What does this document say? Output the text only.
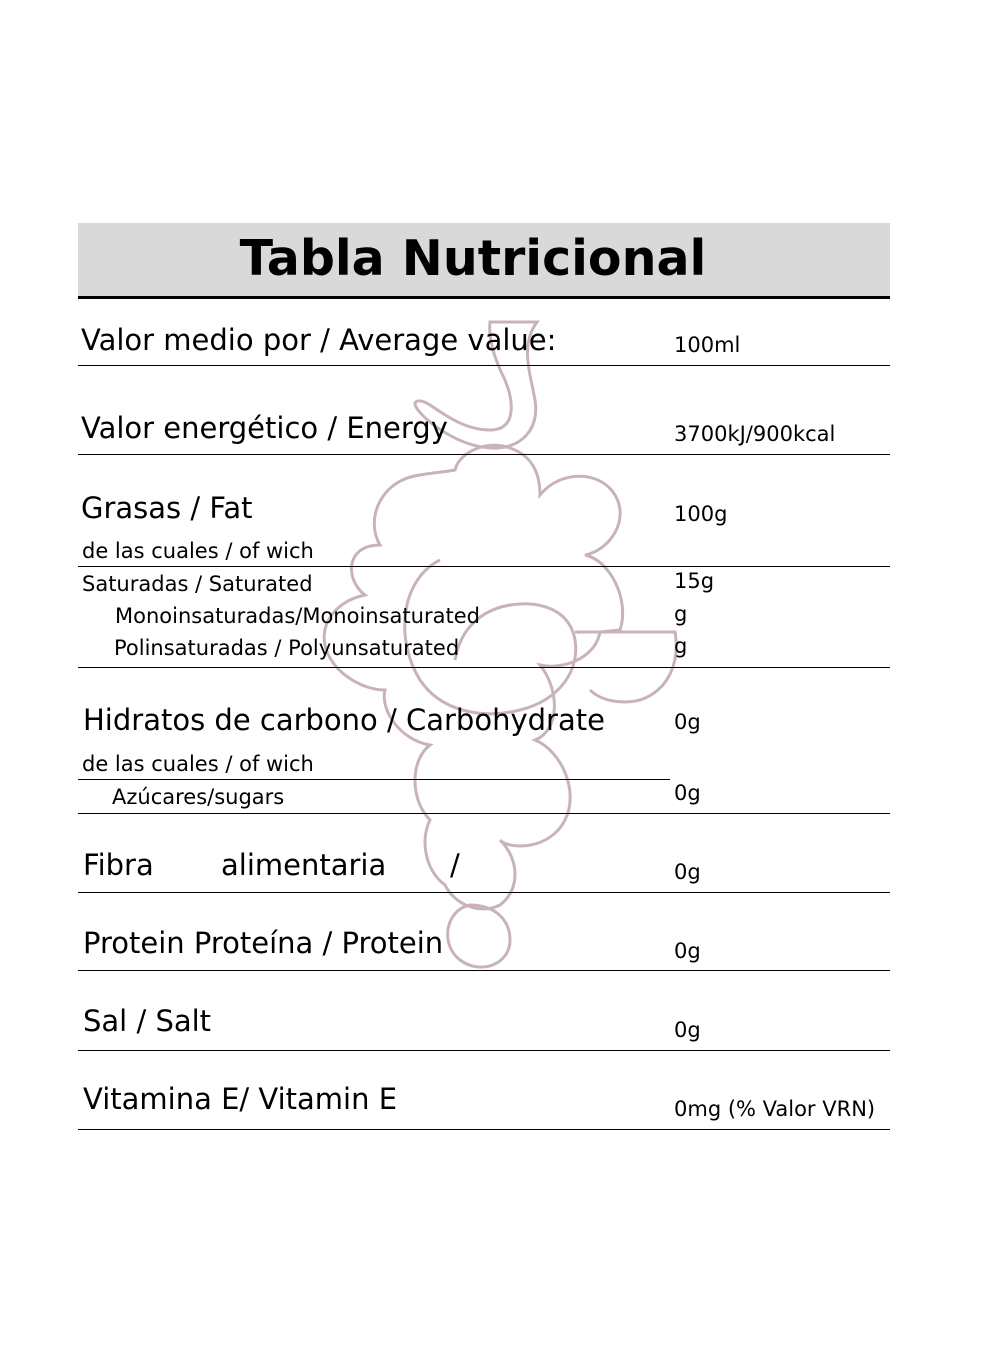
Tabla Nutricional
Valor medio por / Average value:	100ml
Valor energético / Energy	3700kJ/900kcal
Grasas / Fat	100g
de las cuales / of wich
Saturadas / Saturated	15g
Monoinsaturadas/Monoinsaturated	g
Polinsaturadas / Polyunsaturated	g
Hidratos de carbono / Carbohydrate	0g
de las cuales / of wich
Azúcares/sugars	0g
Fibra alimentaria /	0g
Protein Proteína / Protein	0g
Sal / Salt	0g
Vitamina E/ Vitamin E	0mg (% Valor VRN)
